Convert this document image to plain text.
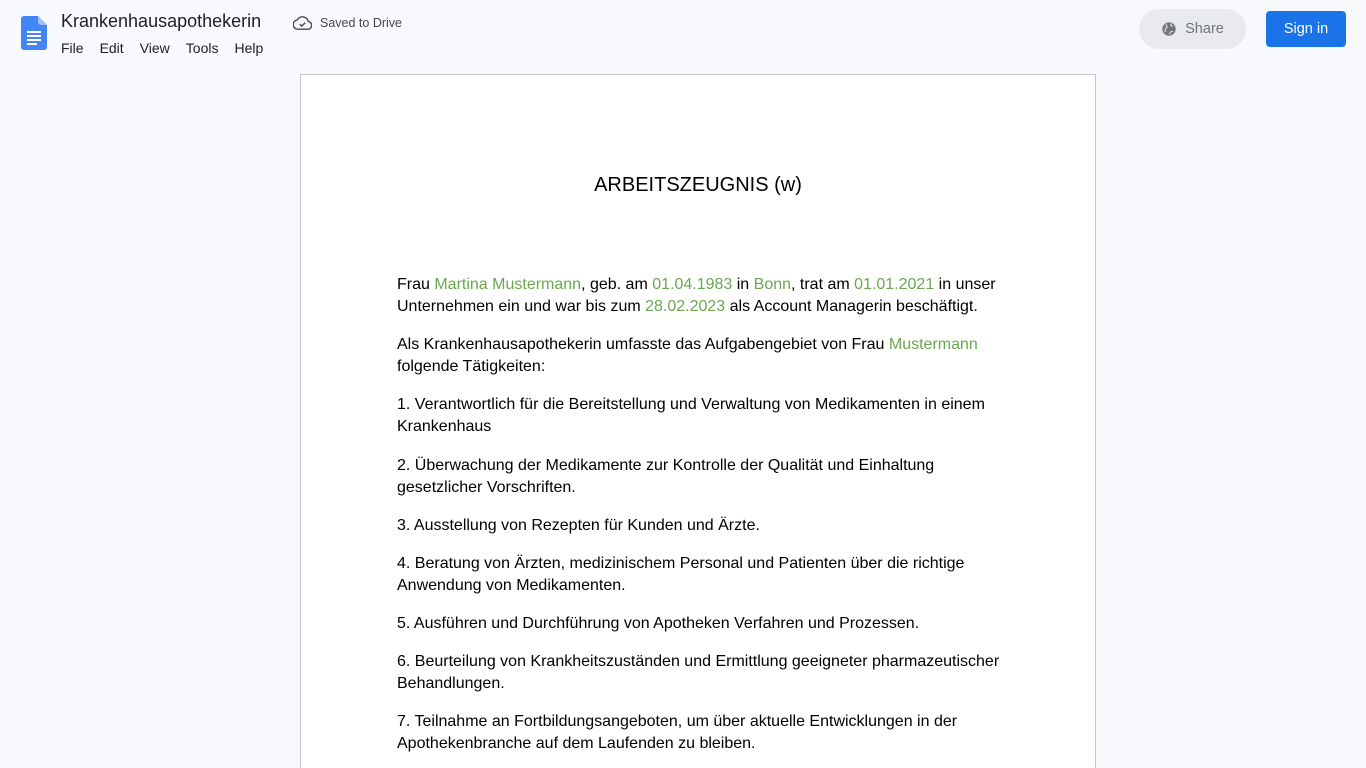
Krankenhausapothekerin	Saved to Drive
File	Edit	View	Tools	Help
Share	Sign in
ARBEITSZEUGNIS (w)

Frau Martina Mustermann, geb. am 01.04.1983 in Bonn, trat am 01.01.2021 in unser Unternehmen ein und war bis zum 28.02.2023 als Account Managerin beschäftigt.

Als Krankenhausapothekerin umfasste das Aufgabengebiet von Frau Mustermann folgende Tätigkeiten:

1. Verantwortlich für die Bereitstellung und Verwaltung von Medikamenten in einem Krankenhaus

2. Überwachung der Medikamente zur Kontrolle der Qualität und Einhaltung gesetzlicher Vorschriften.

3. Ausstellung von Rezepten für Kunden und Ärzte.

4. Beratung von Ärzten, medizinischem Personal und Patienten über die richtige Anwendung von Medikamenten.

5. Ausführen und Durchführung von Apotheken Verfahren und Prozessen.

6. Beurteilung von Krankheitszuständen und Ermittlung geeigneter pharmazeutischer Behandlungen.

7. Teilnahme an Fortbildungsangeboten, um über aktuelle Entwicklungen in der Apothekenbranche auf dem Laufenden zu bleiben.
